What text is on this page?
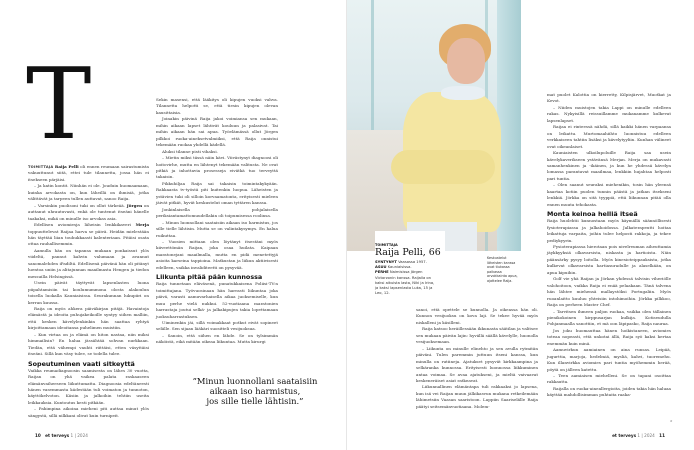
T

TOIMITTAJA Raija Pelli oli ennen reumaan sairastumista vakuuttunut siitä, ettei tule tilannetta, jossa hän ei itsekseen pärjäisi.

– Ja katin kontit. Niinhän ei ole. Jouduin huomaamaan, kuinka arvokasta on, kun läheillä on ihmisiä, jotka välittävät ja tarpeen tullen auttavat, sanoo Raija.

– Varsinkin puolisoni tuki on ollut tärkeää. Jörgen on auttanut uhrautuvasti, enkä ole tuntenut itseäni hänelle taakaksi, mikä on minulle iso arvokas asia.

Edellisen aviomiesja läheisin lenkkikaveri Merja toppuuttelevat Raijaa harva se päivä. Heidän mielestään hän täyttää liian touhukkaasti kalenteriaan. Pitäisi osata ottaa rauhallisemmin.

Aamulla hän on tapansa mukaan ponkaissut ylös viideltä, pannut kahvin valumaan ja avannut sanomalehden iPadiltä. Edellisenä päivänä hän oli pitänyt luentoa uniin ja alitajunnan maailmasta Hengen ja tiedon messuilla Helsingissä.

Usein päivät täyttyvät lapsenlasten luona piipahtamisiin tai koulumummona olosta alakoulun toisella luokalla Kauniaisissa. Seurakunnan lukupiiri on kerran kuussa.

Raija on myös ahkera päiväkirjan pitäjä. Havaintoja elämästä ja ideoita puhujakeikoille syntyy siihen malliin, että kesken kävelylenkinkin hän saattaa ryhtyä kirjoittamaan ideoitansa puhelimen muistiin.

– Kun virtaa on ja elämä on hiton nastaa, niin miksi himmailisin? En halua jässähtää sohvan nurkkaan. Tiedän, että vähempi vauhti riittäisi, etten väsyttäisi itseäni. Sillä kun väsy tulee, se todella tulee.

Sopeutuminen vaati sitkeyttä

Vaikka reumadiagnoosin saamisesta on lähes 30 vuotta, Raijan on yhä vaikea palata raskaaseen elämänvaiheeseen liikuttumatta. Diagnoosia edeltäneesti hänen vasemmasta kädestään tuli voimaton ja tunnoton, käyttökelvoton. Käsiin ja jalkoihin tehtiin useita leikkauksia. Kuntoutus kesti pitkään.

– Pahimpina aikoina mieheni piti auttaa minut ylös sängystä, sillä nilkkani olivat kuin turnipeit.

Sekin masensi, että lääkitys oli kipujen vuoksi vahva. Tilannetta helpotti se, että tiesin kipujen olevan kausittaisia.

Joinakin päivinä Raija jakoi voimiansa sen mukaan, mihin aikaan lapset lähtivät kouluun ja palasivat. Tai mihin aikaan hän sai apua. Työelämässä ollut Jörgen pilkkoi ruoka-aineksetvalmiiksi, että Raija onnistui tekemään ruokaa yhdellä kädellä.

Aluksi tilanne pisti vihaksi.

– Mietin miksi tässä näin kävi. Viivästynyt diagnoosi oli hoitovirhe, mutta en lähtenyt tekemään valitusta. Ne ovat pitkiä ja inhottavia prosesseja eivätkä tuo terveyttä takaisin.

Pikkuhiljaa Raija sai takaisin toimintakykyään. Rakkaasta tv-työstä piti kuitenkin luopua. Läheisten ja ystävien tuki oli silloin korvaamatonta, erityisesti mieleen jäivät pitkät, hyvät keskustelut oman tyttären kanssa.

Jonkinlaisella pohjalaisella periksiantamattomuudellakin oli toipumisessa roolinsa.

– Minun luonnollani saataisiin aikaan iso harmistus, jos sille tielle lähtisin. Mutta se on valintakysymys. En halua ruikuttaa.

– Vuosien mittaan olen löytänyt itsestäni myös kiiveettömän Raijan, joka osaa huilata. Kaipaan maratonejani maailmalla, mutta en pidä menetettyjä asioita karseina tappioina. Matkustan ja liikun aktiivisesti edelleen, vaikka invaliditeetti on pysyvää.

Liikunta pitää pään kunnossa

Raija tunnetaan eläväsenä, punatukkaisena Poliisi-TV:n toimittajana. Työvuosinaan hän harrasti liikuntaa joka päivä, varasti aamuvarhaisella aikaa juoksemiselle, kun muu perhe vielä nukkui. 52-vuotiaana maratonien harrastaja joutui selkä- ja jalkakipujen takia lopettamaan juoksuharrastuksen.

Uiminenkin jäi, sillä voimakkaat potkut eivät sopineet selälle. Sen sijaan lääkäri suositteli vesijuoksua.

– Sanoin, että siihen en lähde. Se on tylsimmän näköistä, eikä mitään oikeaa liikuntaa. Mutta kirurgi

”Minun luonnollani saataisiin
aikaan iso harmistus,
jos sille tielle lähtisin.”
10 et terveys 1 | 2024
TOIMITTAJA
Raija Pelli, 66
SYNTYNYT Vaasassa 1957.
ASUU Kauniaisissa.
PERHE Naimisissa Jörgen Victorzonin kanssa. Raijalla on kaksi aikuista lasta, Niki ja Irina, ja kaksi lapsenlasta Luka, 15 ja Leo, 12.
Keskustelut läheisten kanssa ovat tiukassa paikassa arvokkainta apua, ajattelee Raija.

sanoi, että opettele se kunnolla. Ja oikeassa hän oli. Kunnon vesijuoksu on kova laji. Se tekee hyvää myös niskalleni ja käsilleni.

Raija katsoo heräillessään ikkunasta säätilan ja valitsee sen mukaan päivän lajin: hyvällä säällä kävelylle, huonolla vesijuoksemaan.

– Liikunta on minulle elinehto ja sen avulla rytmitän päiväni. Tulen paremmin juttuun itseni kanssa, kun minulla on rutiineja. Ajatukset pysyvät kirkkaampina ja selkäranka kunnossa. Erityisesti luonnossa liikkuminen antaa voimaa. Se avaa ajatukseni, ja mieltä vaivaavat keskeneräiset asiat ratkeavat.

Liikunnallinen elämäntapa tuli rakkaaksi jo lapsena, kun isä vei Raijan muun jälkikasvun mukana retkeilemään lähimetsiin Vaasan saaristoon. Lappiin Saariselälle Raija päätyi seitsemänvuotiaana. Molem-

mat puolet Kalottia on kierretty, Kilpisjärvet, Muotkat ja Kevot.

– Niiden muistojen takia Lappi on minulle edelleen rakas. Nykyisillä reissuillamme mukanamme kulkevat lapsenlapset.

Raijaa ei rinteessä nähdä, sillä kaikki hänen varpaansa on leikattu. Murtomaahiihto luonnistuu edelleen verkkaiseen tahtiin lisäksi ja kävelytyyliin. Kunhan välineet ovat oikeanlaiset.

Kauniaisten ulkoilupoluille Raija saa usein kävelykaverikseen ystävänsä Merjan. Merja on mukavasti samanhenkinen ja -ikäinen, ja kun he yhdessä kävelyn lomassa parantavat maailmaa, lenkkiin hujahtaa helposti pari tuntia.

– Olen saanut seuraksi miehenikin, tosin hän yleensä kaartaa kotiin puolen tunnin päästä ja jatkan itsekseni lenkkiä. Jörkka on sitä tyyppiä, että liikunnan pitää olla ennen muuta tehokasta.

Monta keinoa helliä itseä

Raija huolehtii kunnostaan myös käymällä säännöllisesti fysioterapiassa ja jalkahoidossa. Jalkaterapeutti hoitaa leikattuja varpaita, joihin tulee helposti rakkoja, ja tekee pediykyyrin.

Fysioterapiassa hierotaan pois nivelreuman aiheuttamia jäykkyyksiä olkavarsista, niskasta ja hartioista. Näin päänsärky pysyy loitolla. Myös kinesioteippauksista, jotka kulkevat olkavarsista hartiasuradulle ja alaselkään, on apua kipuihin.

Golf vie yhä Raijan ja Jörkan yhdessä talvisin viheriölle valohoitoon, vaikka Raija ei enää pelaakaan. Tänä talvena hän lähtee miehensä mallaystöksi Portugaliin. Myös ruoanlaitto kuuluu yhteisiin intohimoihin. Jörkka pilkkoo, Raija on perheen Master Chef.

– Tarvitsen ihmeen paljon ruokaa, vaikka olen tällainen pienikokoinen kirppusarjan kulkija. Kotiseudulla Pohjanmaalla sanottiin, et mä oon läpipasko, Raija nauraa.

Jos joku huomauttaa hänen hoikistaneen, aviomies toteaa nopeasti, että unkotai ällä, Raija syö kaksi kertaa enemmän kuin minä.

Aamuvirkun aamiainen on aina runsas. Leipää, jugurttia, marjoja, hedelmiä, mysliä, kahvi, tuoremehu. Kun illanvirkka aviomies pari tuntia myöhemmin herää, pöytä on jälleen katettu.

– Teen aamiaisen miehelleni. Se on tapani osoittaa rakkautta.

Raijalla on ruoka-aineallergioita, joiden takia hän haluaa käyttää mahdollisimman puhtaita raaka-

»
et terveys 1 | 2024 11
